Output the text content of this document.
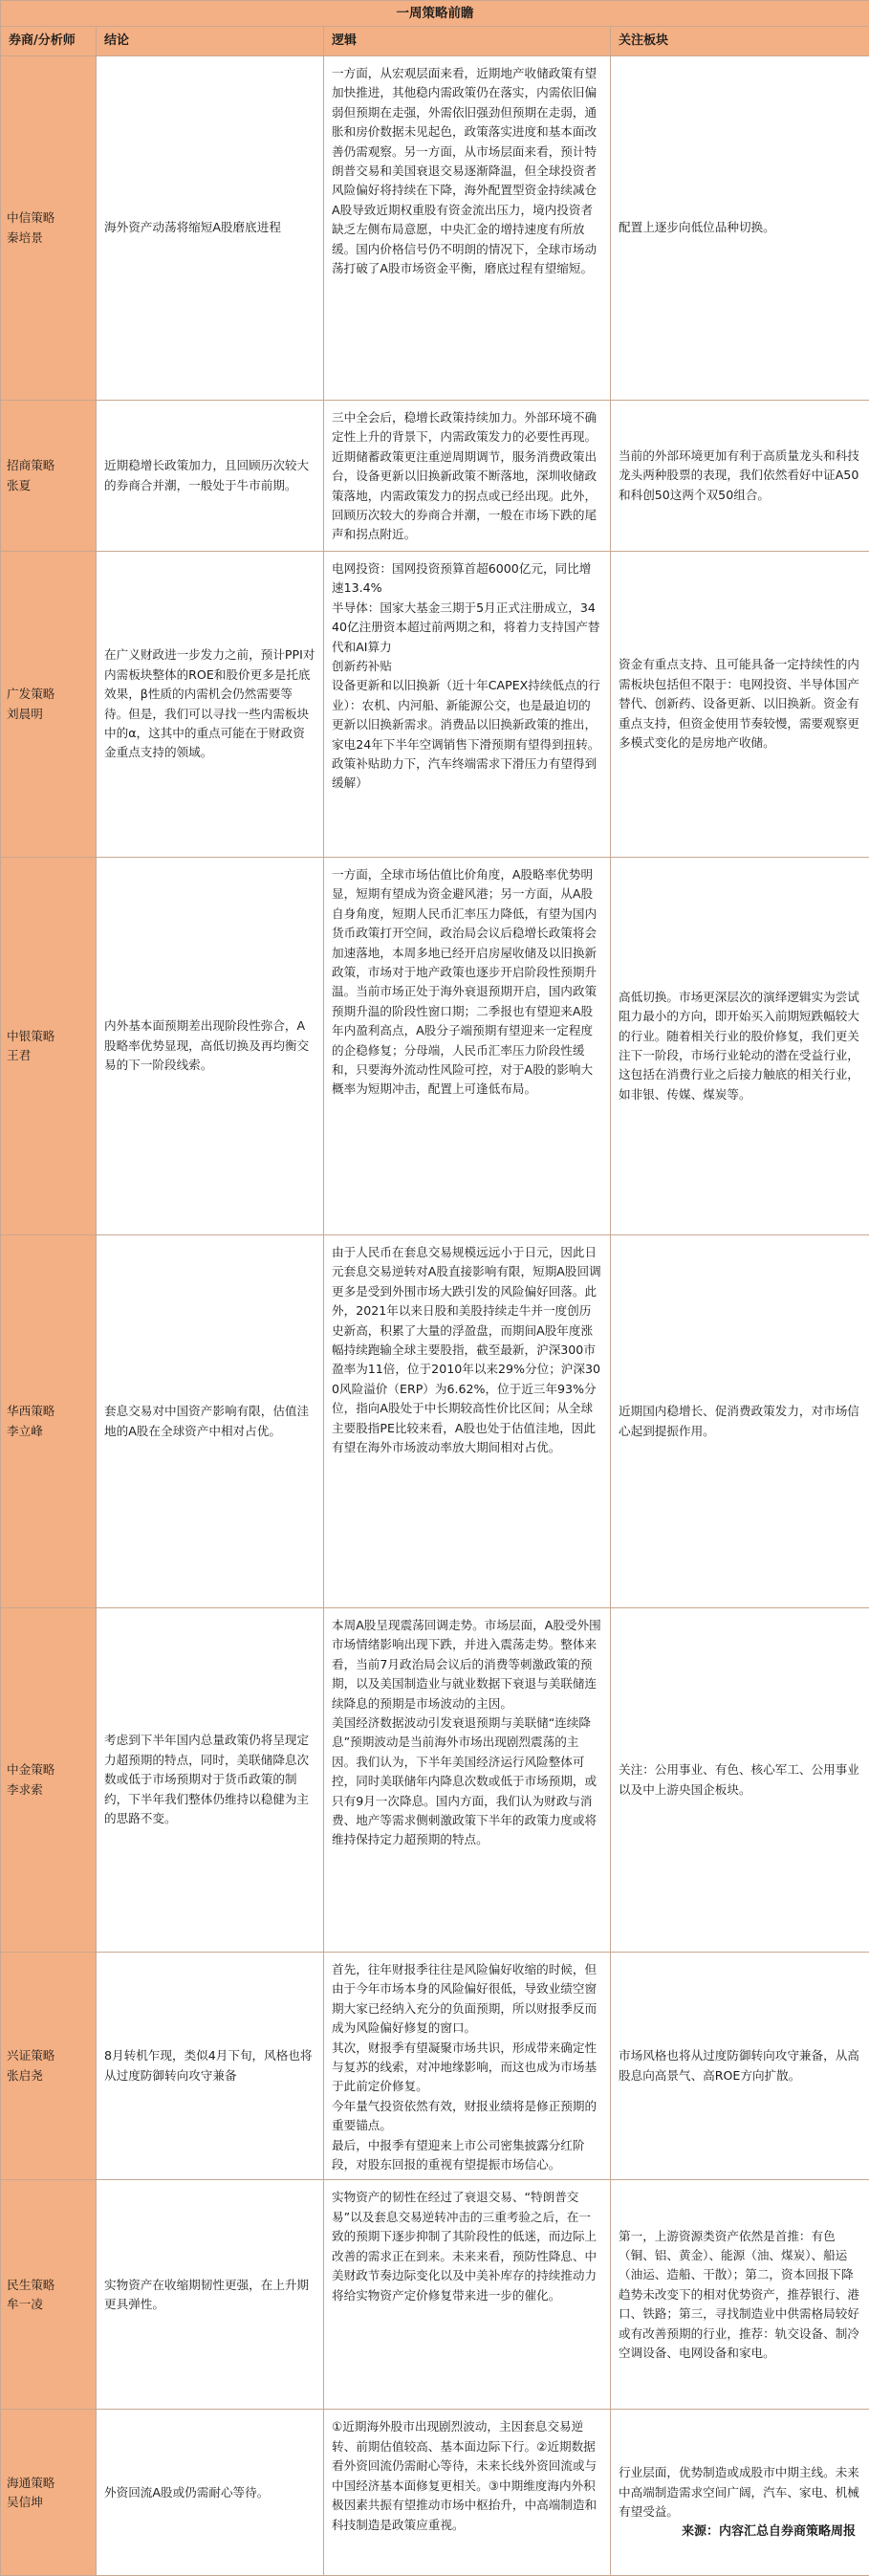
一周策略前瞻			
券商/分析师	结论	逻辑	关注板块

中信策略
秦培景	海外资产动荡将缩短A股磨底进程	一方面，从宏观层面来看，近期地产收储政策有望加快推进，其他稳内需政策仍在落实，内需依旧偏弱但预期在走强，外需依旧强劲但预期在走弱，通胀和房价数据未见起色，政策落实进度和基本面改善仍需观察。另一方面，从市场层面来看，预计特朗普交易和美国衰退交易逐渐降温，但全球投资者风险偏好将持续在下降，海外配置型资金持续减仓A股导致近期权重股有资金流出压力，境内投资者缺乏左侧布局意愿，中央汇金的增持速度有所放缓。国内价格信号仍不明朗的情况下，全球市场动荡打破了A股市场资金平衡，磨底过程有望缩短。	配置上逐步向低位品种切换。

招商策略
张夏	近期稳增长政策加力，且回顾历次较大的券商合并潮，一般处于牛市前期。	三中全会后，稳增长政策持续加力。外部环境不确定性上升的背景下，内需政策发力的必要性再现。近期储蓄政策更注重逆周期调节，服务消费政策出台，设备更新以旧换新政策不断落地，深圳收储政策落地，内需政策发力的拐点或已经出现。此外，回顾历次较大的券商合并潮，一般在市场下跌的尾声和拐点附近。	当前的外部环境更加有利于高质量龙头和科技龙头两种股票的表现，我们依然看好中证A50和科创50这两个双50组合。

广发策略
刘晨明	在广义财政进一步发力之前，预计PPI对内需板块整体的ROE和股价更多是托底效果，β性质的内需机会仍然需要等待。但是，我们可以寻找一些内需板块中的α，这其中的重点可能在于财政资金重点支持的领域。	电网投资：国网投资预算首超6000亿元，同比增速13.4%
半导体：国家大基金三期于5月正式注册成立，3440亿注册资本超过前两期之和，将着力支持国产替代和AI算力
创新药补贴
设备更新和以旧换新（近十年CAPEX持续低点的行业）：农机、内河船、新能源公交，也是最迫切的更新以旧换新需求。消费品以旧换新政策的推出，家电24年下半年空调销售下滑预期有望得到扭转。政策补贴助力下，汽车终端需求下滑压力有望得到缓解）	资金有重点支持、且可能具备一定持续性的内需板块包括但不限于：电网投资、半导体国产替代、创新药、设备更新、以旧换新。资金有重点支持，但资金使用节奏较慢，需要观察更多模式变化的是房地产收储。

中银策略
王君	内外基本面预期差出现阶段性弥合，A股略率优势显现，高低切换及再均衡交易的下一阶段线索。	一方面，全球市场估值比价角度，A股略率优势明显，短期有望成为资金避风港；另一方面，从A股自身角度，短期人民币汇率压力降低，有望为国内货币政策打开空间，政治局会议后稳增长政策将会加速落地，本周多地已经开启房屋收储及以旧换新政策，市场对于地产政策也逐步开启阶段性预期升温。当前市场正处于海外衰退预期开启，国内政策预期升温的阶段性窗口期；二季报也有望迎来A股年内盈利高点，A股分子端预期有望迎来一定程度的企稳修复；分母端，人民币汇率压力阶段性缓和，只要海外流动性风险可控，对于A股的影响大概率为短期冲击，配置上可逢低布局。	高低切换。市场更深层次的演绎逻辑实为尝试阻力最小的方向，即开始买入前期短跌幅较大的行业。随着相关行业的股价修复，我们更关注下一阶段，市场行业轮动的潜在受益行业，这包括在消费行业之后接力触底的相关行业，如非银、传媒、煤炭等。

华西策略
李立峰	套息交易对中国资产影响有限，估值洼地的A股在全球资产中相对占优。	由于人民币在套息交易规模远远小于日元，因此日元套息交易逆转对A股直接影响有限，短期A股回调更多是受到外围市场大跌引发的风险偏好回落。此外，2021年以来日股和美股持续走牛并一度创历史新高，积累了大量的浮盈盘，而期间A股年度涨幅持续跑输全球主要股指，截至最新，沪深300市盈率为11倍，位于2010年以来29%分位；沪深300风险溢价（ERP）为6.62%，位于近三年93%分位，指向A股处于中长期较高性价比区间；从全球主要股指PE比较来看，A股也处于估值洼地，因此有望在海外市场波动率放大期间相对占优。	近期国内稳增长、促消费政策发力，对市场信心起到提振作用。

中金策略
李求索	考虑到下半年国内总量政策仍将呈现定力超预期的特点，同时，美联储降息次数或低于市场预期对于货币政策的制约，下半年我们整体仍维持以稳健为主的思路不变。	本周A股呈现震荡回调走势。市场层面，A股受外围市场情绪影响出现下跌，并进入震荡走势。整体来看，当前7月政治局会议后的消费等刺激政策的预期，以及美国制造业与就业数据下衰退与美联储连续降息的预期是市场波动的主因。
美国经济数据波动引发衰退预期与美联储“连续降息”预期波动是当前海外市场出现剧烈震荡的主因。我们认为，下半年美国经济运行风险整体可控，同时美联储年内降息次数或低于市场预期，或只有9月一次降息。国内方面，我们认为财政与消费、地产等需求侧刺激政策下半年的政策力度或将维持保持定力超预期的特点。	关注：公用事业、有色、核心军工、公用事业以及中上游央国企板块。

兴证策略
张启尧	8月转机乍现，类似4月下旬，风格也将从过度防御转向攻守兼备	首先，往年财报季往往是风险偏好收缩的时候，但由于今年市场本身的风险偏好很低，导致业绩空窗期大家已经纳入充分的负面预期，所以财报季反而成为风险偏好修复的窗口。
其次，财报季有望凝聚市场共识，形成带来确定性与复苏的线索，对冲地缘影响，而这也成为市场基于此前定价修复。
今年量气投资依然有效，财报业绩将是修正预期的重要锚点。
最后，中报季有望迎来上市公司密集披露分红阶段，对股东回报的重视有望提振市场信心。	市场风格也将从过度防御转向攻守兼备，从高股息向高景气、高ROE方向扩散。

民生策略
牟一凌	实物资产在收缩期韧性更强，在上升期更具弹性。	实物资产的韧性在经过了衰退交易、“特朗普交易”以及套息交易逆转冲击的三重考验之后，在一致的预期下逐步抑制了其阶段性的低迷，而边际上改善的需求正在到来。未来来看，预防性降息、中美财政节奏边际变化以及中美补库存的持续推动力将给实物资产定价修复带来进一步的催化。	第一，上游资源类资产依然是首推：有色（铜、铝、黄金）、能源（油、煤炭）、船运（油运、造船、干散）；第二，资本回报下降趋势未改变下的相对优势资产，推荐银行、港口、铁路；第三，寻找制造业中供需格局较好或有改善预期的行业，推荐：轨交设备、制冷空调设备、电网设备和家电。

海通策略
吴信坤	外资回流A股或仍需耐心等待。	①近期海外股市出现剧烈波动，主因套息交易逆转、前期估值较高、基本面边际下行。②近期数据看外资回流仍需耐心等待，未来长线外资回流或与中国经济基本面修复更相关。③中期维度海内外积极因素共振有望推动市场中枢抬升，中高端制造和科技制造是政策应重视。	行业层面，优势制造或成股市中期主线。未来中高端制造需求空间广阔，汽车、家电、机械有望受益。
来源：内容汇总自券商策略周报
